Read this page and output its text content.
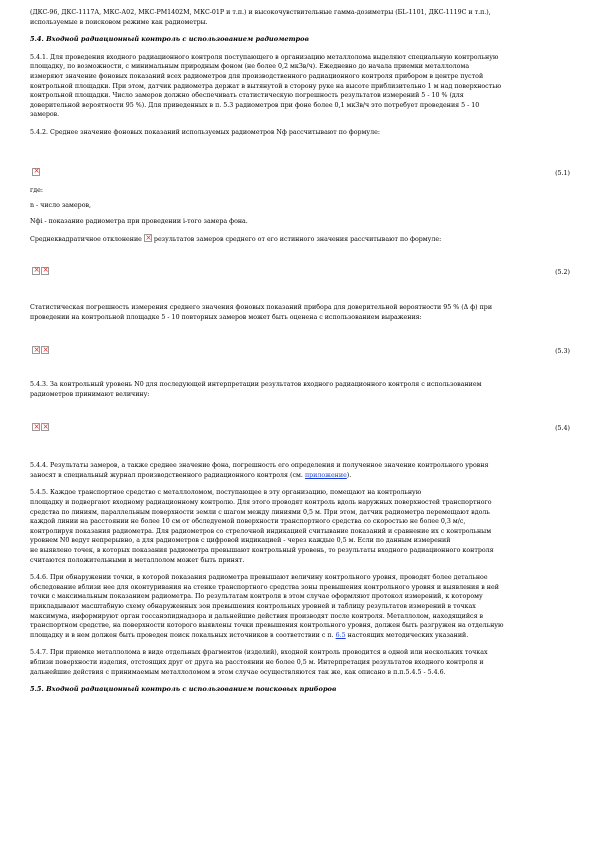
(ДКС-96, ДКС-1117А, МКС-А02, МКС-РМ1402М, МКС-01Р и т.п.) и высокочувствительные гамма-дозиметры (БL-1101, ДКС-1119С и т.п.),

используемые в поисковом режиме как радиометры.

5.4. Входной радиационный контроль с использованием радиометров

5.4.1. Для проведения входного радиационного контроля поступающего в организацию металлолома выделяют специальную контрольную

площадку, по возможности, с минимальным природным фоном (не более 0,2 мкЗв/ч). Ежедневно до начала приемки металлолома

измеряют значение фоновых показаний всех радиометров для производственного радиационного контроля прибором в центре пустой

контрольной площадки. При этом, датчик радиометра держат в вытянутой в сторону руке на высоте приблизительно 1 м над поверхностью

контрольной площадки. Число замеров должно обеспечивать статистическую погрешность результатов измерений 5 - 10 % (для

доверительной вероятности 95 %). Для приведенных в п. 5.3 радиометров при фоне более 0,1 мкЗв/ч это потребует проведения 5 - 10

замеров.

5.4.2. Среднее значение фоновых показаний используемых радиометров Nф рассчитывают по формуле:

×
(5.1)

где:

n - число замеров,

Nфi - показание радиометра при проведении i-того замера фона.

Среднеквадратичное отклонение × результатов замеров среднего от его истинного значения рассчитывают по формуле:

×
×
(5.2)

Статистическая погрешность измерения среднего значения фоновых показаний прибора для доверительной вероятности 95 % (Δ ф) при

проведении на контрольной площадке 5 - 10 повторных замеров может быть оценена с использованием выражения:

×
×
(5.3)

5.4.3. За контрольный уровень N0 для последующей интерпретации результатов входного радиационного контроля с использованием

радиометров принимают величину:

×
×
(5.4)

5.4.4. Результаты замеров, а также среднее значение фона, погрешность его определения и полученное значение контрольного уровня

заносят в специальный журнал производственного радиационного контроля (см. приложение).

5.4.5. Каждое транспортное средство с металлоломом, поступающее в эту организацию, помещают на контрольную

площадку и подвергают входному радиационному контролю. Для этого проводят контроль вдоль наружных поверхностей транспортного

средства по линиям, параллельным поверхности земли с шагом между линиями 0,5 м. При этом, датчик радиометра перемещают вдоль

каждой линии на расстоянии не более 10 см от обследуемой поверхности транспортного средства со скоростью не более 0,3 м/с,

контролируя показания радиометра. Для радиометров со стрелочной индикацией считывание показаний и сравнение их с контрольным

уровнем N0 ведут непрерывно, а для радиометров с цифровой индикацией - через каждые 0,5 м. Если по данным измерений

не выявлено точек, в которых показания радиометра превышают контрольный уровень, то результаты входного радиационного контроля

считаются положительными и металлолом может быть принят.

5.4.6. При обнаружении точки, в которой показания радиометра превышают величину контрольного уровня, проводят более детальное

обследование вблизи нее для оконтуривания на стенке транспортного средства зоны превышения контрольного уровня и выявления в ней

точки с максимальным показанием радиометра. По результатам контроля в этом случае оформляют протокол измерений, к которому

прикладывают масштабную схему обнаруженных зон превышения контрольных уровней и таблицу результатов измерений в точках

максимума, информируют орган госсанэпиднадзора и дальнейшие действия производят после контроля. Металлолом, находящийся в

транспортном средстве, на поверхности которого выявлены точки превышения контрольного уровня, должен быть разгружен на отдельную

площадку и в нем должен быть проведен поиск локальных источников в соответствии с п. 6.5 настоящих методических указаний.

5.4.7. При приемке металлолома в виде отдельных фрагментов (изделий), входной контроль проводится в одной или нескольких точках

вблизи поверхности изделия, отстоящих друг от друга на расстоянии не более 0,5 м. Интерпретация результатов входного контроля и

дальнейшие действия с принимаемым металлоломом в этом случае осуществляются так же, как описано в п.п.5.4.5 - 5.4.6.

5.5. Входной радиационный контроль с использованием поисковых приборов
